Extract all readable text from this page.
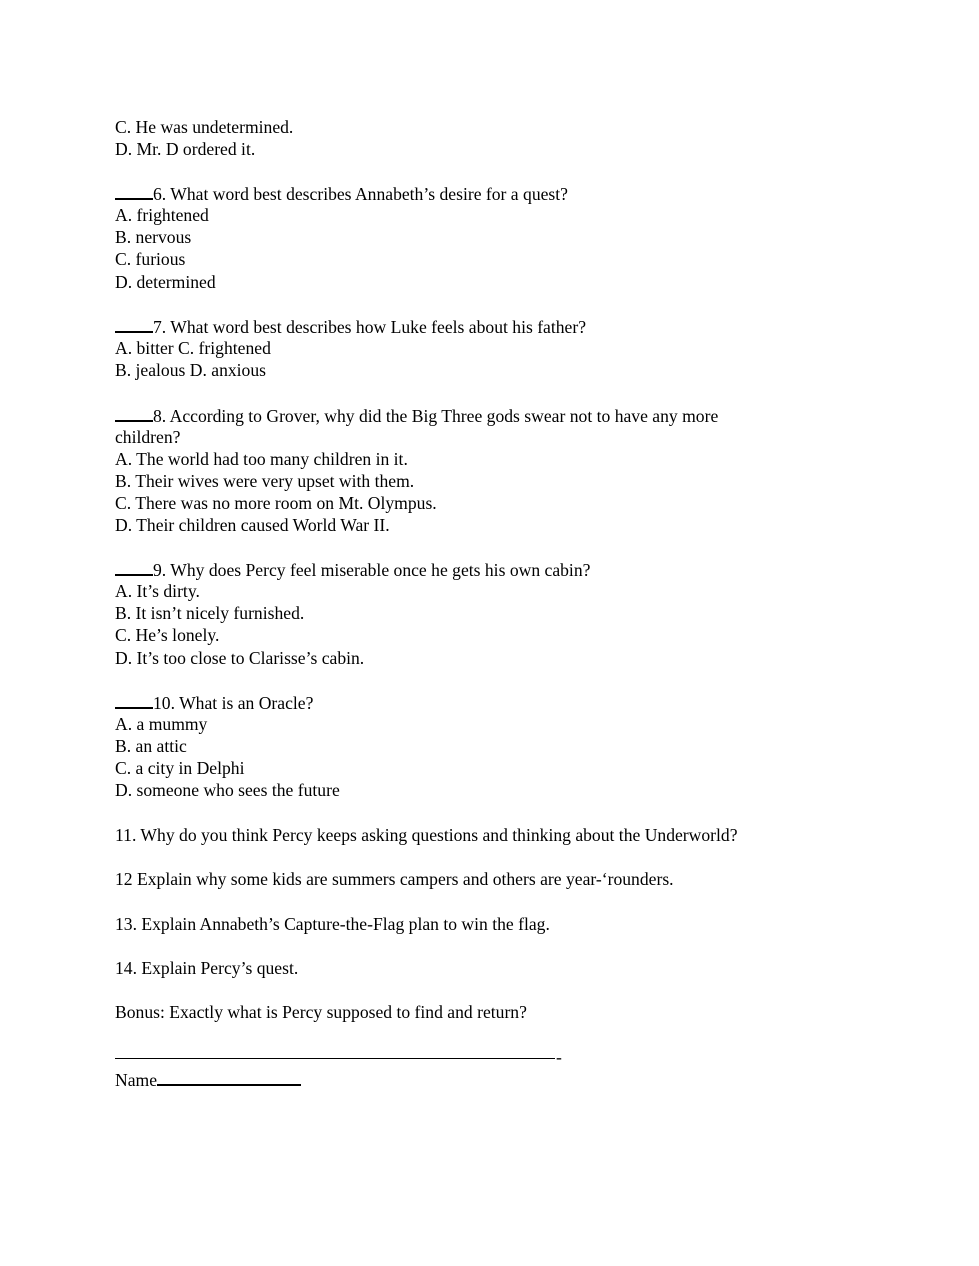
C. He was undetermined.
D. Mr. D ordered it.
6. What word best describes Annabeth’s desire for a quest?
A. frightened
B. nervous
C. furious
D. determined
7. What word best describes how Luke feels about his father?
A. bitter C. frightened
B. jealous D. anxious
8. According to Grover, why did the Big Three gods swear not to have any more
children?
A. The world had too many children in it.
B. Their wives were very upset with them.
C. There was no more room on Mt. Olympus.
D. Their children caused World War II.
9. Why does Percy feel miserable once he gets his own cabin?
A. It’s dirty.
B. It isn’t nicely furnished.
C. He’s lonely.
D. It’s too close to Clarisse’s cabin.
10. What is an Oracle?
A. a mummy
B. an attic
C. a city in Delphi
D. someone who sees the future
11. Why do you think Percy keeps asking questions and thinking about the Underworld?
12 Explain why some kids are summers campers and others are year-‘rounders.
13. Explain Annabeth’s Capture-the-Flag plan to win the flag.
14. Explain Percy’s quest.
Bonus: Exactly what is Percy supposed to find and return?
-
Name
